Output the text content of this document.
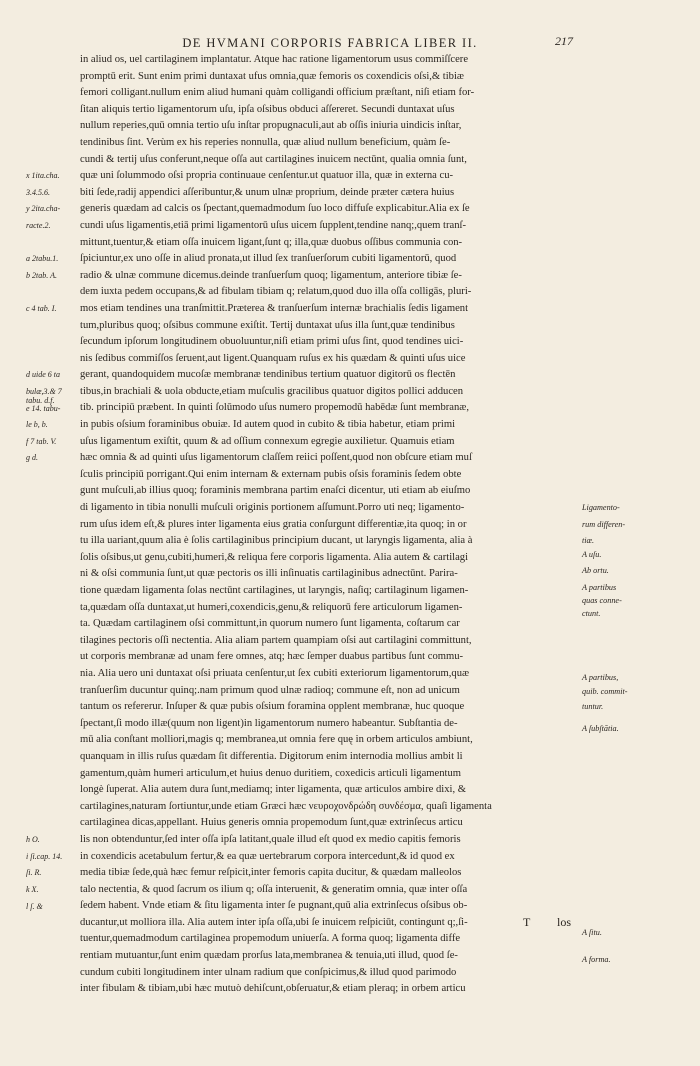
DE HVMANI CORPORIS FABRICA LIBER II.	217
in aliud os, uel cartilaginem implantatur. Atque hac ratione ligamentorum usus commiſſcere
promptū erit. Sunt enim primi duntaxat ufus omnia,quæ femoris os coxendicis oſsi,& tibiæ
femori colligant.nullum enim aliud humani quàm colligandi officium præſtant, niſi etiam for-
ſitan aliquis tertio ligamentorum uſu, ipſa oſsibus obduci aſſereret. Secundi duntaxat uſus
nullum reperies,quū omnia tertio uſu inſtar propugnaculi,aut ab oſſis iniuria uindicis inſtar,
tendinibus ſint. Verùm ex his reperies nonnulla, quæ aliud nullum beneficium, quàm ſe-
cundi & tertij uſus conferunt,neque oſſa aut cartilagines inuicem nectūnt, qualia omnia ſunt,
quæ uni ſolummodo oſsi propria continuaue cenſentur.ut quatuor illa, quæ in externa cu-
biti ſede,radij appendici aſſeribuntur,& unum ulnæ proprium, deinde præter cætera huius
generis quædam ad calcis os ſpectant,quemadmodum ſuo loco diffuſe explicabitur.Alia ex ſe
cundi uſus ligamentis,etiā primi ligamentorū uſus uicem ſupplent,tendine nanq;,quem tranſ-
mittunt,tuentur,& etiam oſſa inuicem ligant,ſunt q; illa,quæ duobus oſſibus communia con-
ſpiciuntur,ex uno oſſe in aliud pronata,ut illud ſex tranſuerſorum cubiti ligamentorū, quod
radio & ulnæ commune dicemus.deinde tranſuerſum quoq; ligamentum, anteriore tibiæ ſe-
dem iuxta pedem occupans,& ad fibulam tibiam q; relatum,quod duo illa oſſa colligās, pluri-
mos etiam tendines una tranſmittit.Præterea & tranſuerſum internæ brachialis ſedis ligament
tum,pluribus quoq; oſsibus commune exiſtit. Tertij duntaxat uſus illa ſunt,quæ tendinibus
ſecundum ipſorum longitudinem obuoluuntur,niſi etiam primi uſus ſint, quod tendines uici-
nis ſedibus commiſſos ſeruent,aut ligent.Quanquam ruſus ex his quædam & quinti uſus uice
gerant, quandoquidem mucoſæ membranæ tendinibus tertium quatuor digitorū os flectēn
tibus,in brachiali & uola obducte,etiam muſculis gracilibus quatuor digitos pollici adducen
tib. principiū præbent. In quinti ſolūmodo uſus numero propemodū habēdæ ſunt membranæ,
in pubis oſsium foraminibus obuiæ. Id autem quod in cubito & tibia habetur, etiam primi
uſus ligamentum exiſtit, quum & ad oſſium connexum egregie auxilietur. Quamuis etiam
hæc omnia & ad quinti uſus ligamentorum claſſem reiici poſſent,quod non obſcure etiam muſ
ſculis principiū porrigant.Qui enim internam & externam pubis oſsis foraminis ſedem obte
gunt muſculi,ab illius quoq; foraminis membrana partim enaſci dicentur, uti etiam ab eiuſmo
di ligamento in tibia nonulli muſculi originis portionem aſſumunt.Porro uti neq; ligamento-
rum uſus idem eſt,& plures inter ligamenta eius gratia conſurgunt differentiæ,ita quoq; in or
tu illa uariant,quum alia è ſolis cartilaginibus principium ducant, ut laryngis ligamenta, alia à
ſolis oſsibus,ut genu,cubiti,humeri,& reliqua fere corporis ligamenta. Alia autem & cartilagi
ni & oſsi communia ſunt,ut quæ pectoris os illi inſinuatis cartilaginibus adnectūnt. Parira-
tione quædam ligamenta ſolas nectūnt cartilagines, ut laryngis, naſiq; cartilaginum ligamen-
ta,quædam oſſa duntaxat,ut humeri,coxendicis,genu,& reliquorū fere articulorum ligamen-
ta. Quædam cartilaginem oſsi committunt,in quorum numero ſunt ligamenta, coſtarum car
tilagines pectoris oſſi nectentia. Alia aliam partem quampiam oſsi aut cartilagini committunt,
ut corporis membranæ ad unam fere omnes, atq; hæc ſemper duabus partibus ſunt commu-
nia. Alia uero uni duntaxat oſsi priuata cenſentur,ut ſex cubiti exteriorum ligamentorum,quæ
tranſuerſim ducuntur quinq;.nam primum quod ulnæ radioq; commune eſt, non ad unicum
tantum os refererur. Inſuper & quæ pubis oſsium foramina opplent membranæ, huc quoque
ſpectant,ſi modo illæ(quum non ligent)in ligamentorum numero habeantur. Subſtantia de-
mū alia conſtant molliori,magis q; membranea,ut omnia fere quę in orbem articulos ambiunt,
quanquam in illis ruſus quædam ſit differentia. Digitorum enim internodia mollius ambit li
gamentum,quàm humeri articulum,et huius denuo duritiem, coxedicis articuli ligamentum
longè ſuperat. Alia autem dura ſunt,mediamq; inter ligamenta, quæ articulos ambire dixi, &
cartilagines,naturam ſortiuntur,unde etiam Græci hæc νευροχονδρώδη συνδέσμα, quaſi ligamenta
cartilaginea dicas,appellant. Huius generis omnia propemodum ſunt,quæ extrinſecus articu
lis non obtenduntur,ſed inter oſſa ipſa latitant,quale illud eſt quod ex medio capitis femoris
in coxendicis acetabulum fertur,& ea quæ uertebrarum corpora intercedunt,& id quod ex
media tibiæ ſede,quà hæc femur reſpicit,inter femoris capita ducitur, & quædam malleolos
talo nectentia, & quod ſacrum os ilium q; oſſa interuenit, & generatim omnia, quæ inter oſſa
ſedem habent. Vnde etiam & ſitu ligamenta inter ſe pugnant,quū alia extrinſecus oſsibus ob-
ducantur,ut molliora illa. Alia autem inter ipſa oſſa,ubi ſe inuicem reſpiciūt, contingunt q;,ſi-
tuentur,quemadmodum cartilaginea propemodum uniuerſa. A forma quoq; ligamenta diffe
rentiam mutuantur,ſunt enim quædam prorſus lata,membranea & tenuia,uti illud, quod ſe-
cundum cubiti longitudinem inter ulnam radium que conſpicimus,& illud quod parimodo
inter fibulam & tibiam,ubi hæc mutuò dehiſcunt,obſeruatur,& etiam pleraq; in orbem articu
x 1ita.cha.
3.4.5.6.
y 2ita.cha-
racte.2.
a 2tabu.1.
b 2tab. A.
c 4 tab. I.
d uide 6 ta
bulæ,3.& 7 tabu. d.f.
e 14. tabu-
le b, b.
f 7 tab. V.
g d.
h O.
i ſi.cap. 14.
ſi. R.
k X.
l ſ. &
Ligamento-
rum differen-
tiæ.
A uſu.
Ab ortu.
A partibus
quas conne-
ctunt.
A partibus,
quib. commit-
tuntur.
A ſubſtātia.
A ſitu.
A forma.
T los
